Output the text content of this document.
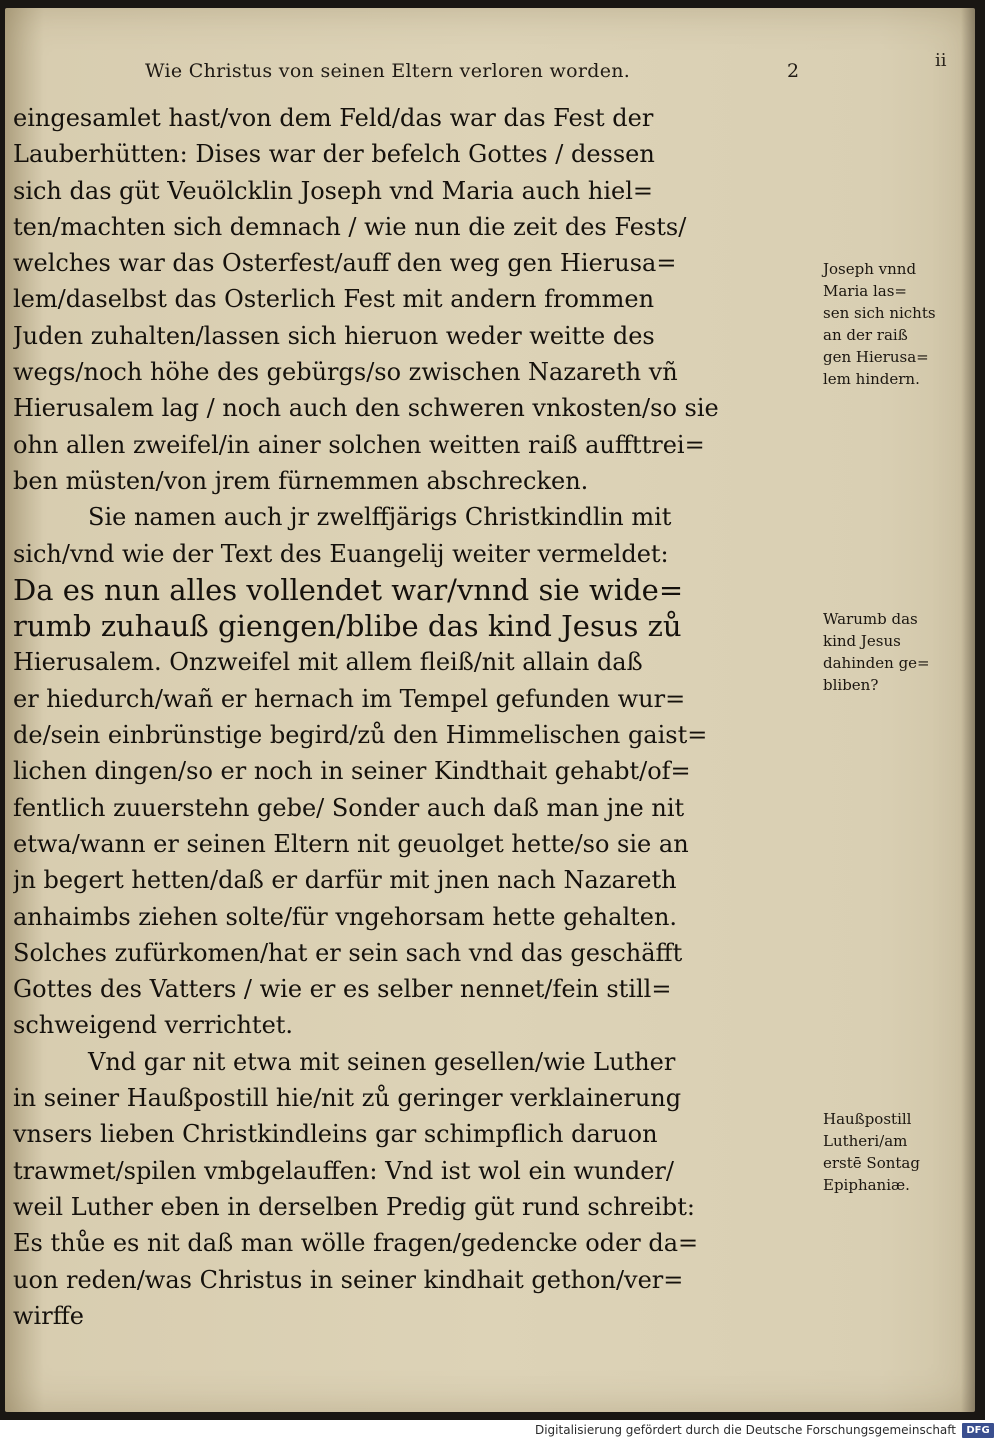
Wie Christus von seinen Eltern verloren worden.	2	ⅱ
eingesamlet hast/von dem Feld/das war das Fest der
Lauberhütten: Dises war der befelch Gottes / dessen
sich das güt Veuölcklin Joseph vnd Maria auch hiel=
ten/machten sich demnach / wie nun die zeit des Fests/
welches war das Osterfest/auff den weg gen Hierusa=
lem/daselbst das Osterlich Fest mit andern frommen
Juden zuhalten/lassen sich hieruon weder weitte des
wegs/noch höhe des gebürgs/so zwischen Nazareth vñ
Hierusalem lag / noch auch den schweren vnkosten/so sie
ohn allen zweifel/in ainer solchen weitten raiß auffttrei=
ben müsten/von jrem fürnemmen abschrecken.
Sie namen auch jr zwelffjärigs Christkindlin mit
sich/vnd wie der Text des Euangelij weiter vermeldet:
Da es nun alles vollendet war/vnnd sie wide=
rumb zuhauß giengen/blibe das kind Jesus zů
Hierusalem. Onzweifel mit allem fleiß/nit allain daß
er hiedurch/wañ er hernach im Tempel gefunden wur=
de/sein einbrünstige begird/zů den Himmelischen gaist=
lichen dingen/so er noch in seiner Kindthait gehabt/of=
fentlich zuuerstehn gebe/ Sonder auch daß man jne nit
etwa/wann er seinen Eltern nit geuolget hette/so sie an
jn begert hetten/daß er darfür mit jnen nach Nazareth
anhaimbs ziehen solte/für vngehorsam hette gehalten.
Solches zufürkomen/hat er sein sach vnd das geschäfft
Gottes des Vatters / wie er es selber nennet/fein still=
schweigend verrichtet.
Vnd gar nit etwa mit seinen gesellen/wie Luther
in seiner Haußpostill hie/nit zů geringer verklainerung
vnsers lieben Christkindleins gar schimpflich daruon
trawmet/spilen vmbgelauffen: Vnd ist wol ein wunder/
weil Luther eben in derselben Predig güt rund schreibt:
Es thůe es nit daß man wölle fragen/gedencke oder da=
uon reden/was Christus in seiner kindhait gethon/ver=
wirffe
Joseph vnnd
Maria las=
sen sich nichts
an der raiß
gen Hierusa=
lem hindern.
Warumb das
kind Jesus
dahinden ge=
bliben?
Haußpostill
Lutheri/am
erstē Sontag
Epiphaniæ.
Digitalisierung gefördert durch die Deutsche Forschungsgemeinschaft	DFG
